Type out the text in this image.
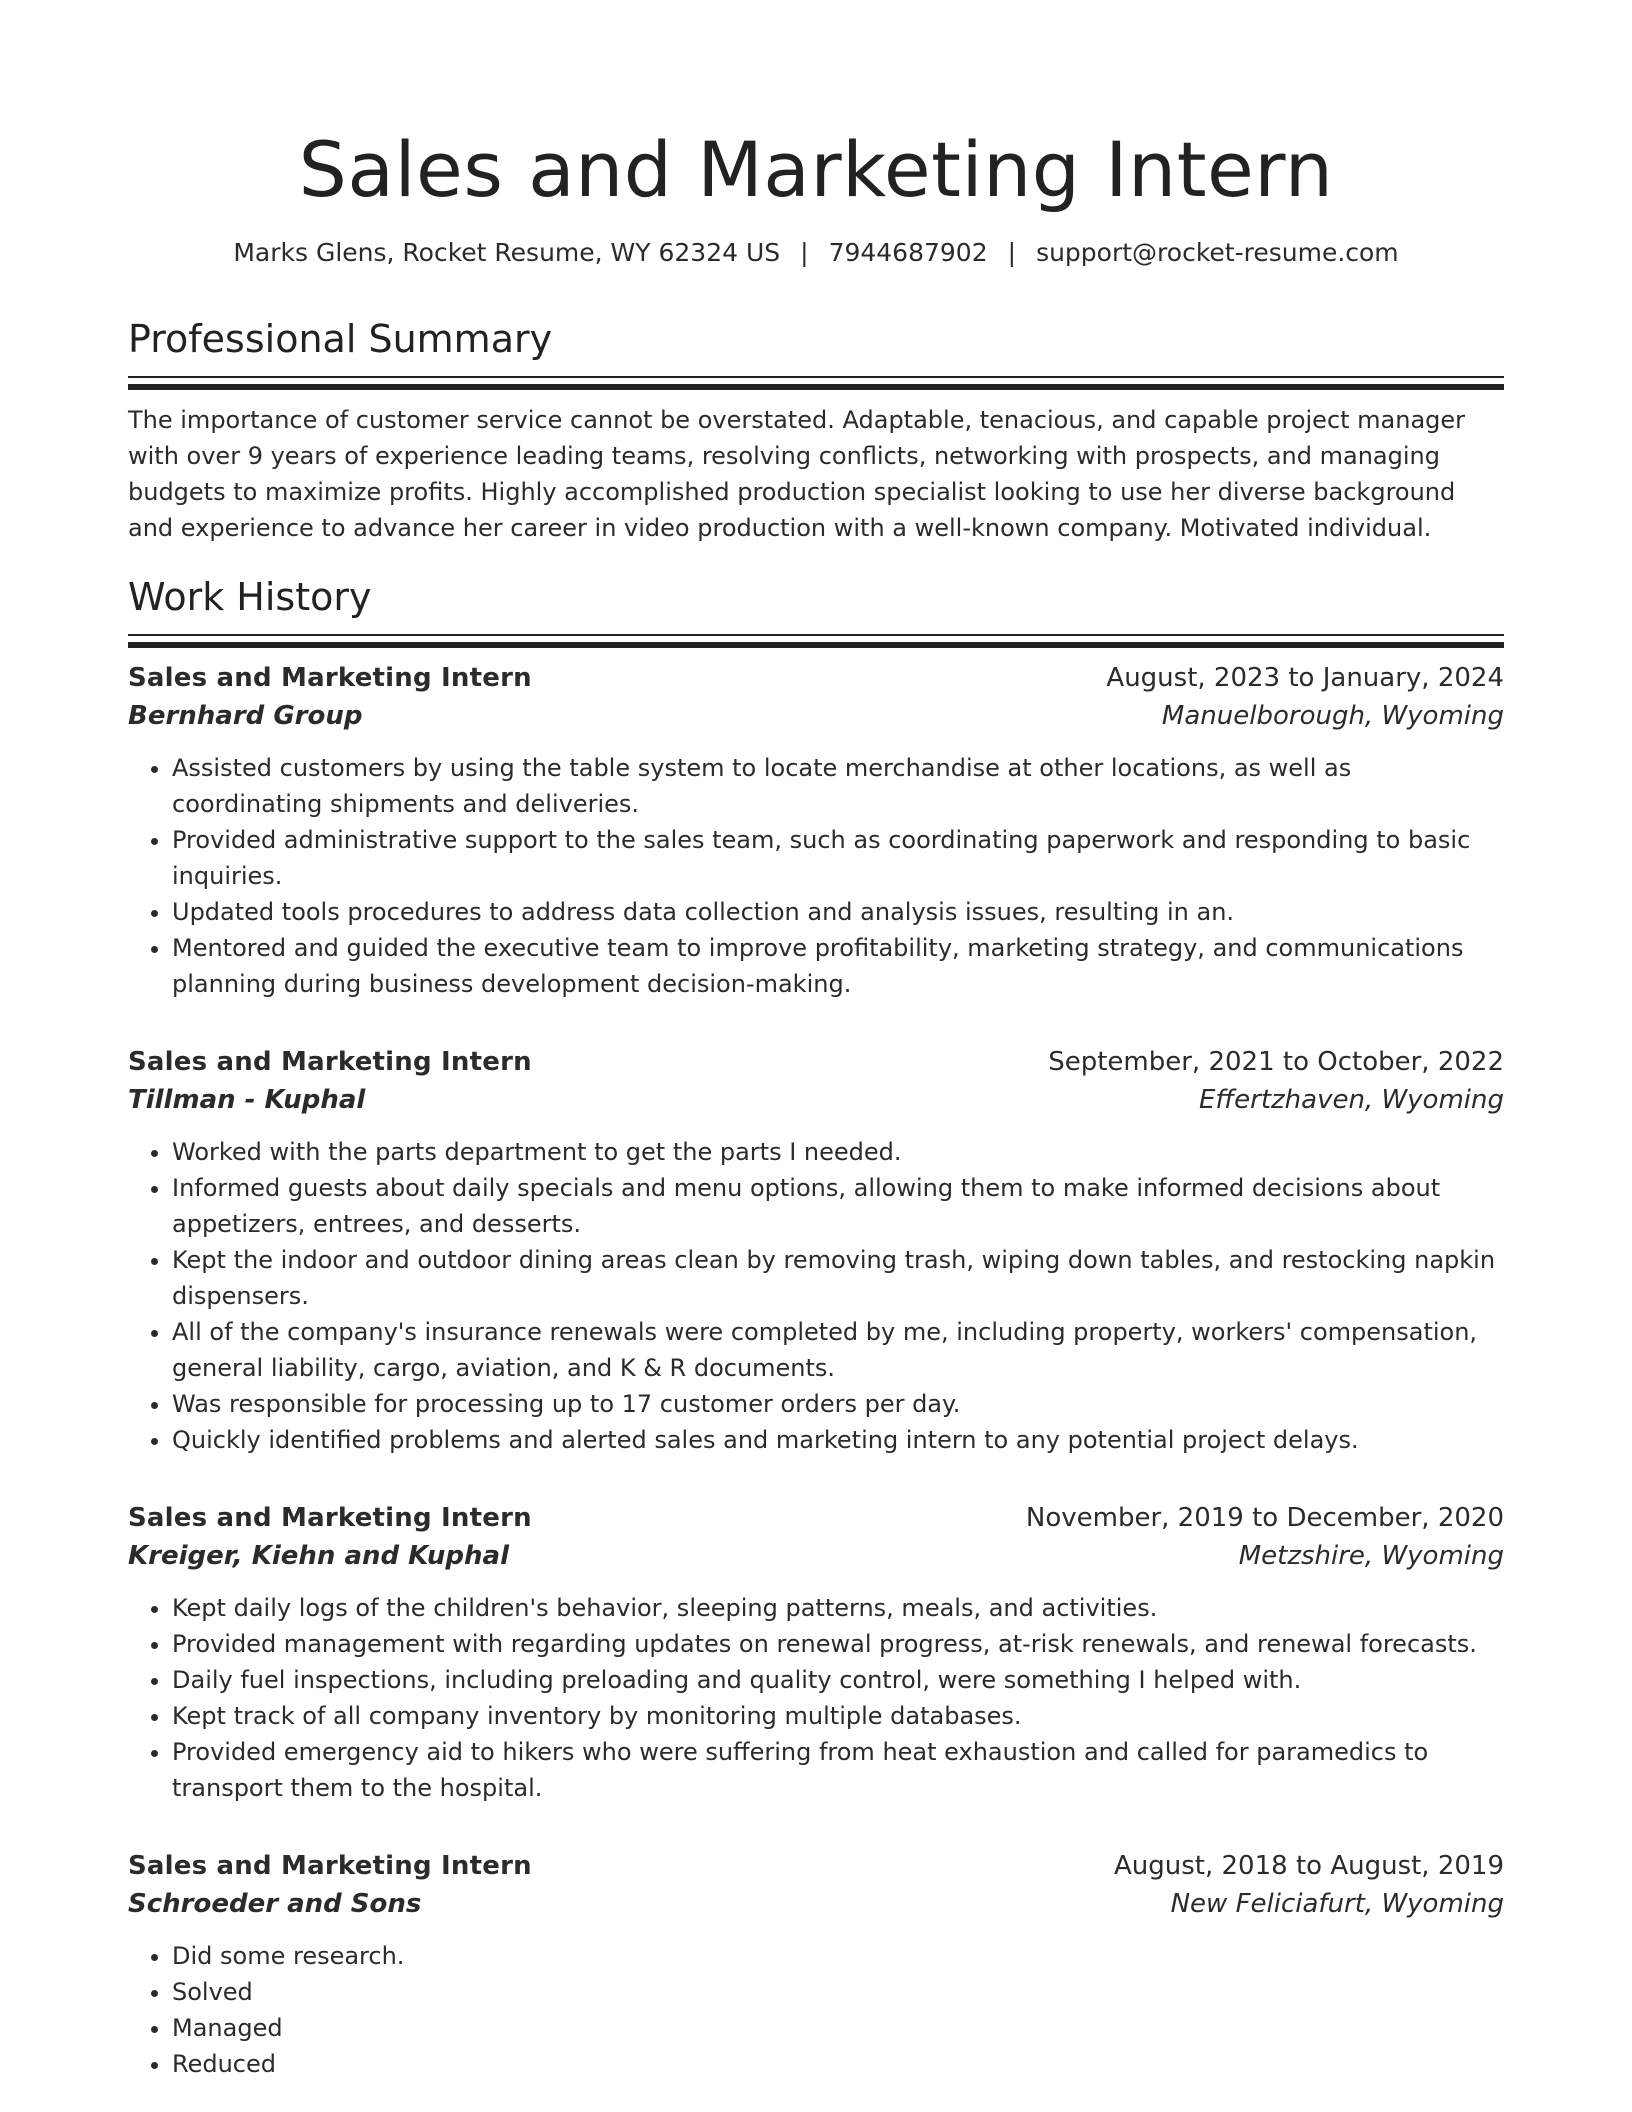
Sales and Marketing Intern
Marks Glens, Rocket Resume, WY 62324 US | 7944687902 | support@rocket-resume.com
Professional Summary

The importance of customer service cannot be overstated. Adaptable, tenacious, and capable project manager with over 9 years of experience leading teams, resolving conflicts, networking with prospects, and managing budgets to maximize profits. Highly accomplished production specialist looking to use her diverse background and experience to advance her career in video production with a well-known company. Motivated individual.

Work History
Sales and Marketing Intern	August, 2023 to January, 2024
Bernhard Group	Manuelborough, Wyoming
• Assisted customers by using the table system to locate merchandise at other locations, as well as coordinating shipments and deliveries.
• Provided administrative support to the sales team, such as coordinating paperwork and responding to basic inquiries.
• Updated tools procedures to address data collection and analysis issues, resulting in an.
• Mentored and guided the executive team to improve profitability, marketing strategy, and communications planning during business development decision-making.
Sales and Marketing Intern	September, 2021 to October, 2022
Tillman - Kuphal	Effertzhaven, Wyoming
• Worked with the parts department to get the parts I needed.
• Informed guests about daily specials and menu options, allowing them to make informed decisions about appetizers, entrees, and desserts.
• Kept the indoor and outdoor dining areas clean by removing trash, wiping down tables, and restocking napkin dispensers.
• All of the company's insurance renewals were completed by me, including property, workers' compensation, general liability, cargo, aviation, and K & R documents.
• Was responsible for processing up to 17 customer orders per day.
• Quickly identified problems and alerted sales and marketing intern to any potential project delays.
Sales and Marketing Intern	November, 2019 to December, 2020
Kreiger, Kiehn and Kuphal	Metzshire, Wyoming
• Kept daily logs of the children's behavior, sleeping patterns, meals, and activities.
• Provided management with regarding updates on renewal progress, at-risk renewals, and renewal forecasts.
• Daily fuel inspections, including preloading and quality control, were something I helped with.
• Kept track of all company inventory by monitoring multiple databases.
• Provided emergency aid to hikers who were suffering from heat exhaustion and called for paramedics to transport them to the hospital.
Sales and Marketing Intern	August, 2018 to August, 2019
Schroeder and Sons	New Feliciafurt, Wyoming
• Did some research.
• Solved
• Managed
• Reduced
